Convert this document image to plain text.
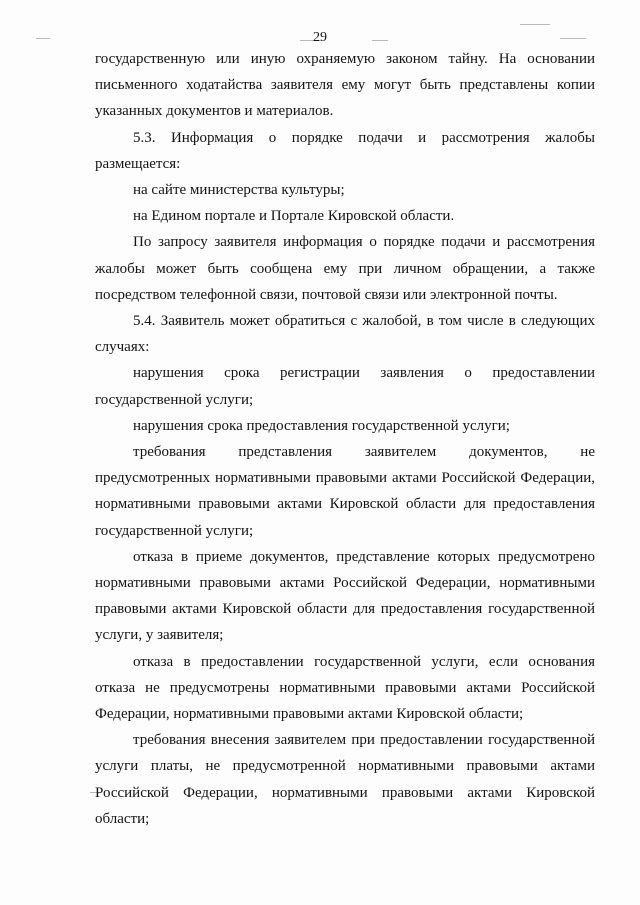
29

государственную или иную охраняемую законом тайну. На основании письменного ходатайства заявителя ему могут быть представлены копии указанных документов и материалов.

5.3. Информация о порядке подачи и рассмотрения жалобы размещается:

на сайте министерства культуры;

на Едином портале и Портале Кировской области.

По запросу заявителя информация о порядке подачи и рассмотрения жалобы может быть сообщена ему при личном обращении, а также посредством телефонной связи, почтовой связи или электронной почты.

5.4. Заявитель может обратиться с жалобой, в том числе в следующих случаях:

нарушения срока регистрации заявления о предоставлении государственной услуги;

нарушения срока предоставления государственной услуги;

требования представления заявителем документов, не предусмотренных нормативными правовыми актами Российской Федерации, нормативными правовыми актами Кировской области для предоставления государственной услуги;

отказа в приеме документов, представление которых предусмотрено нормативными правовыми актами Российской Федерации, нормативными правовыми актами Кировской области для предоставления государственной услуги, у заявителя;

отказа в предоставлении государственной услуги, если основания отказа не предусмотрены нормативными правовыми актами Российской Федерации, нормативными правовыми актами Кировской области;

требования внесения заявителем при предоставлении государственной услуги платы, не предусмотренной нормативными правовыми актами Российской Федерации, нормативными правовыми актами Кировской области;
